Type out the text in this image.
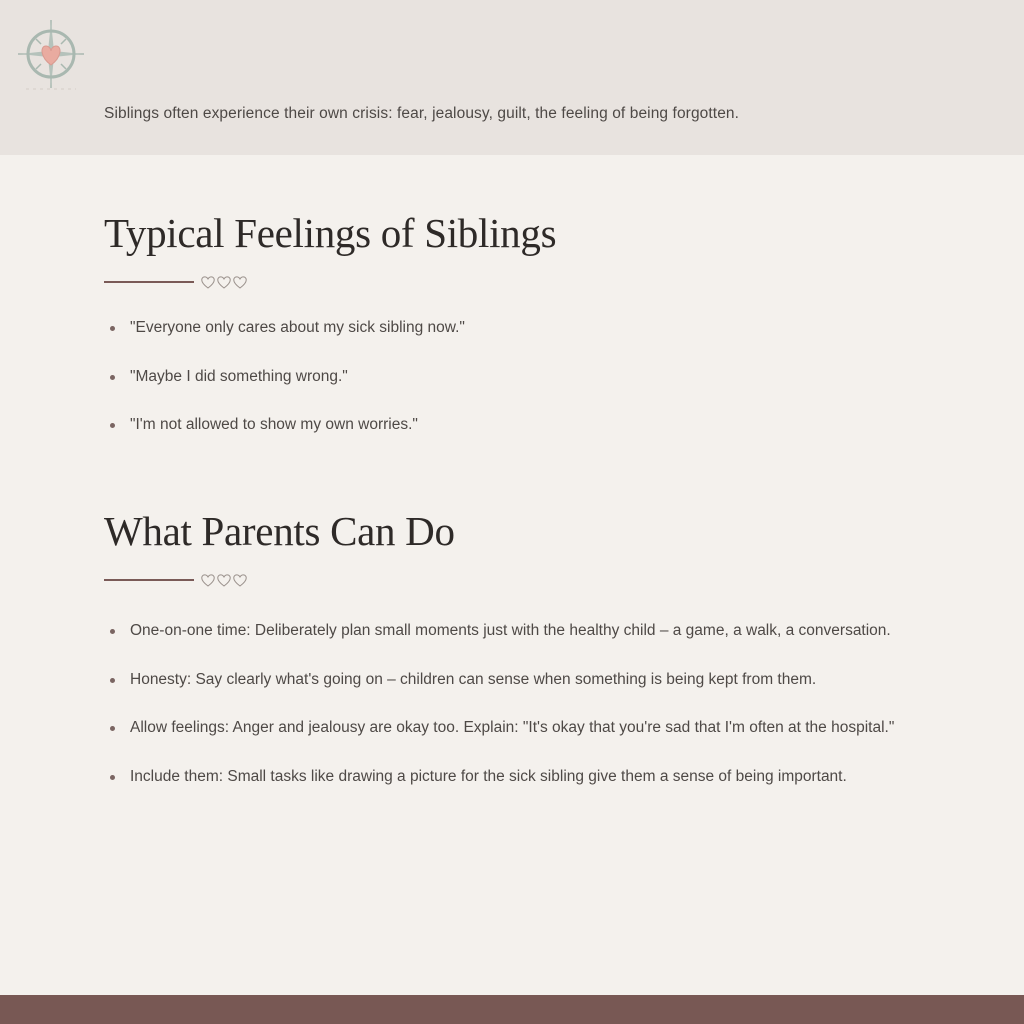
Siblings often experience their own crisis: fear, jealousy, guilt, the feeling of being forgotten.
Typical Feelings of Siblings
"Everyone only cares about my sick sibling now."
"Maybe I did something wrong."
"I'm not allowed to show my own worries."
What Parents Can Do
One-on-one time: Deliberately plan small moments just with the healthy child – a game, a walk, a conversation.
Honesty: Say clearly what's going on – children can sense when something is being kept from them.
Allow feelings: Anger and jealousy are okay too. Explain: "It's okay that you're sad that I'm often at the hospital."
Include them: Small tasks like drawing a picture for the sick sibling give them a sense of being important.
